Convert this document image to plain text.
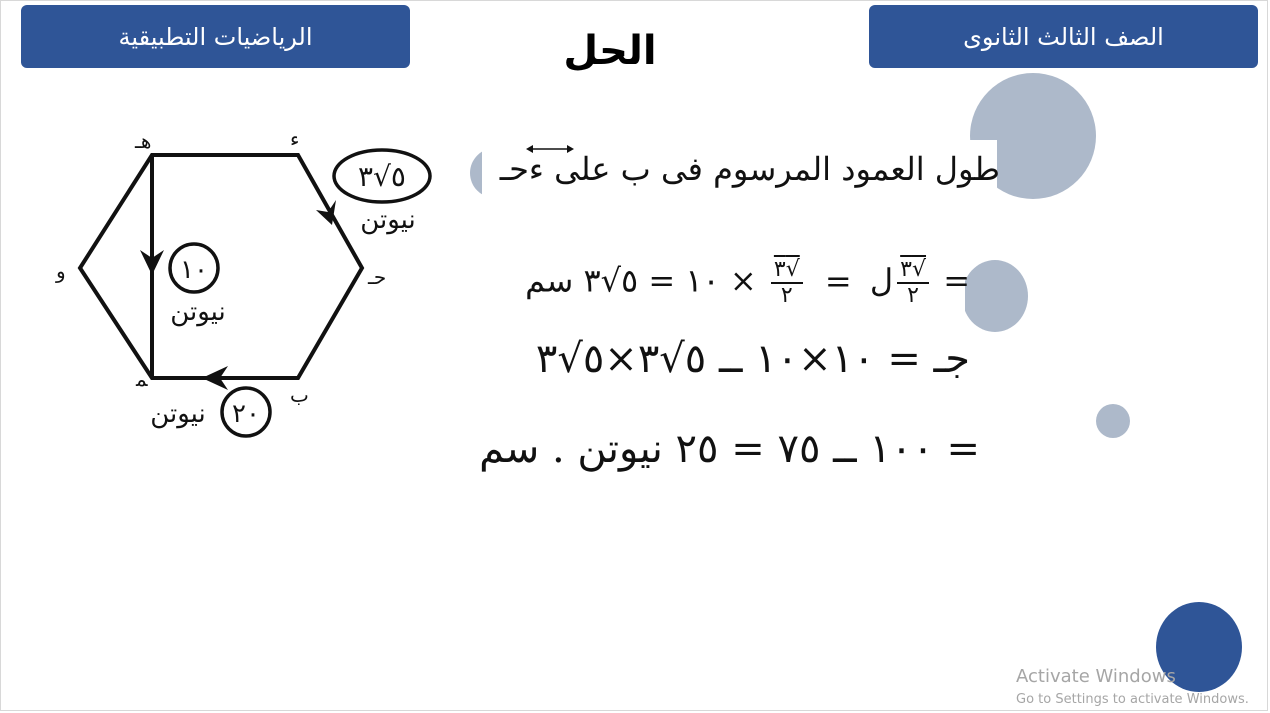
الرياضيات التطبيقية	الصف الثالث الثانوى
الحل
هـ	ء
حـ
و
ب
ﻤ
٥√٣
نيوتن
١٠
نيوتن
٢٠
نيوتن
طول العمود المرسوم فى ب على ءحـ
=
$\frac{√٣}{٢}$
ل =
$\frac{√٣}{٢}$
× ١٠ = ٥√٣ سم
جـ = ١٠×١٠ ــ ٥√٣×٥√٣
= ١٠٠ ــ ٧٥ = ٢٥ نيوتن . سم
Activate Windows
Go to Settings to activate Windows.
